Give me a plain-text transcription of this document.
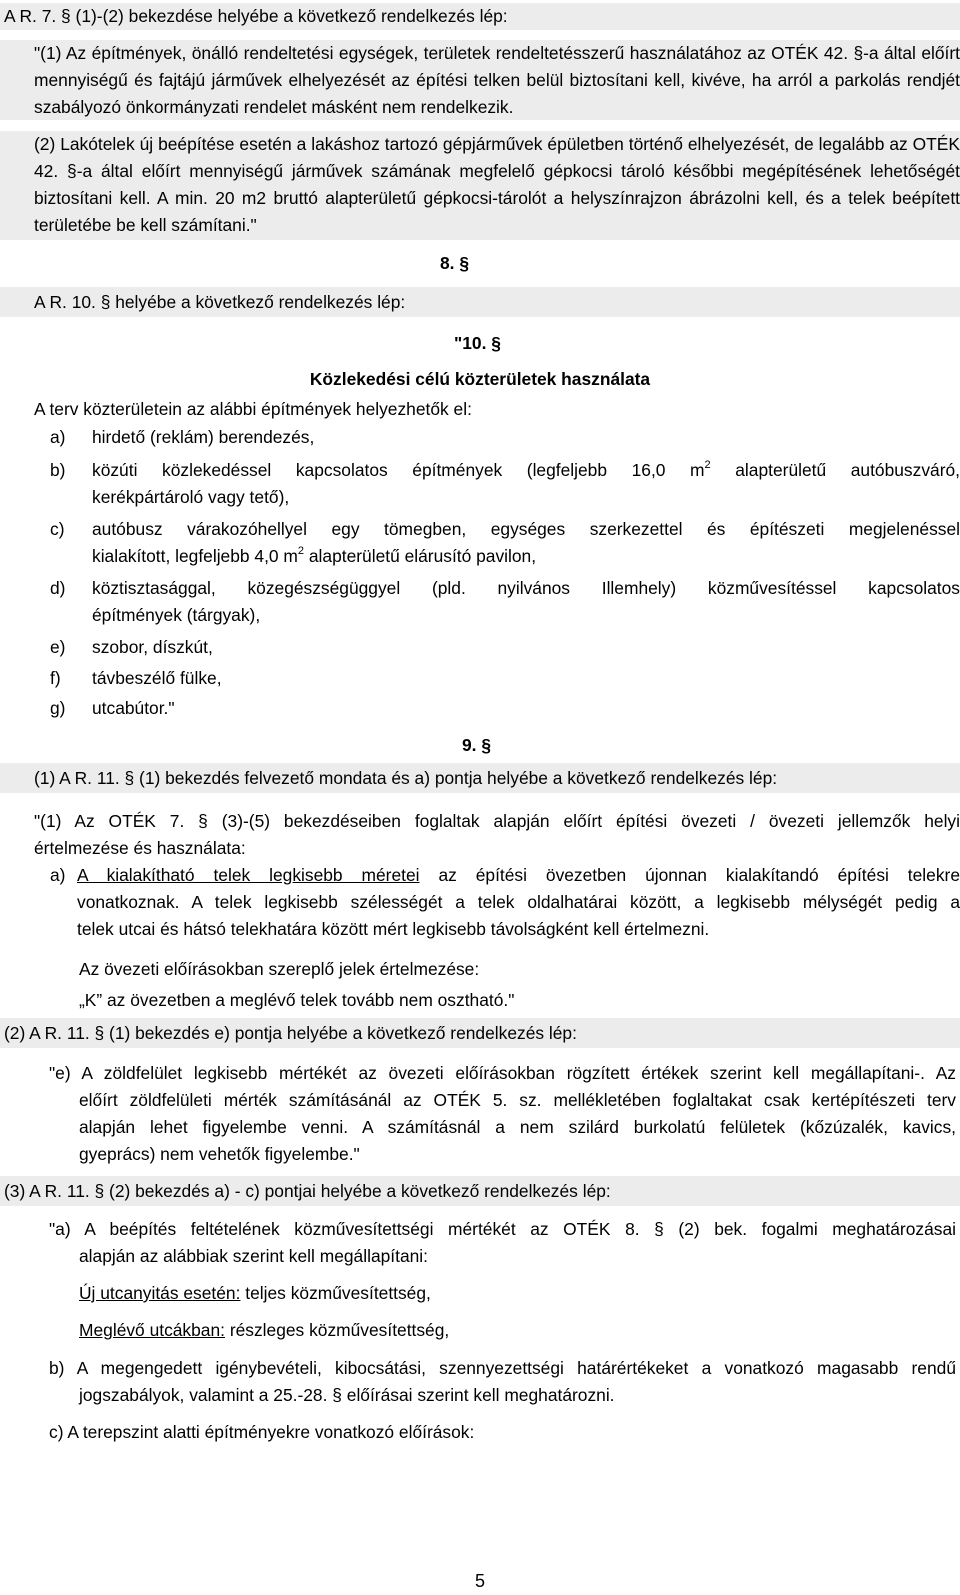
A R. 7. § (1)-(2) bekezdése helyébe a következő rendelkezés lép:
"(1) Az építmények, önálló rendeltetési egységek, területek rendeltetésszerű használatához az OTÉK 42. §-a által előírt mennyiségű és fajtájú járművek elhelyezését az építési telken belül biztosítani kell, kivéve, ha arról a parkolás rendjét szabályozó önkormányzati rendelet másként nem rendelkezik.
(2) Lakótelek új beépítése esetén a lakáshoz tartozó gépjárművek épületben történő elhelyezését, de legalább az OTÉK 42. §-a által előírt mennyiségű járművek számának megfelelő gépkocsi tároló későbbi megépítésének lehetőségét biztosítani kell. A min. 20 m2 bruttó alapterületű gépkocsi-tárolót a helyszínrajzon ábrázolni kell, és a telek beépített területébe be kell számítani."
8. §
A R. 10. § helyébe a következő rendelkezés lép:
"10. §
Közlekedési célú közterületek használata
A terv közterületein az alábbi építmények helyezhetők el:
a) hirdető (reklám) berendezés,
b) közúti közlekedéssel kapcsolatos építmények (legfeljebb 16,0 $m^2$ alapterületű autóbuszváró,
kerékpártároló vagy tető),
c) autóbusz várakozóhellyel egy tömegben, egységes szerkezettel és építészeti megjelenéssel
kialakított, legfeljebb 4,0 $m^2$ alapterületű elárusító pavilon,
d) köztisztasággal, közegészségüggyel (pld. nyilvános Illemhely) közművesítéssel kapcsolatos
építmények (tárgyak),
e) szobor, díszkút,
f) távbeszélő fülke,
g) utcabútor."
9. §
(1) A R. 11. § (1) bekezdés felvezető mondata és a) pontja helyébe a következő rendelkezés lép:
"(1) Az OTÉK 7. § (3)-(5) bekezdéseiben foglaltak alapján előírt építési övezeti / övezeti jellemzők helyi
értelmezése és használata:
a) A kialakítható telek legkisebb méretei az építési övezetben újonnan kialakítandó építési telekre
vonatkoznak. A telek legkisebb szélességét a telek oldalhatárai között, a legkisebb mélységét pedig a
telek utcai és hátsó telekhatára között mért legkisebb távolságként kell értelmezni.
Az övezeti előírásokban szereplő jelek értelmezése:
„K” az övezetben a meglévő telek tovább nem osztható."
(2) A R. 11. § (1) bekezdés e) pontja helyébe a következő rendelkezés lép:
"e) A zöldfelület legkisebb mértékét az övezeti előírásokban rögzített értékek szerint kell megállapítani-. Az
előírt zöldfelületi mérték számításánál az OTÉK 5. sz. mellékletében foglaltakat csak kertépítészeti terv
alapján lehet figyelembe venni. A számításnál a nem szilárd burkolatú felületek (kőzúzalék, kavics,
gyeprács) nem vehetők figyelembe."
(3) A R. 11. § (2) bekezdés a) - c) pontjai helyébe a következő rendelkezés lép:
"a) A beépítés feltételének közművesítettségi mértékét az OTÉK 8. § (2) bek. fogalmi meghatározásai
alapján az alábbiak szerint kell megállapítani:
Új utcanyitás esetén: teljes közművesítettség,
Meglévő utcákban: részleges közművesítettség,
b) A megengedett igénybevételi, kibocsátási, szennyezettségi határértékeket a vonatkozó magasabb rendű
jogszabályok, valamint a 25.-28. § előírásai szerint kell meghatározni.
c) A terepszint alatti építményekre vonatkozó előírások:
5
